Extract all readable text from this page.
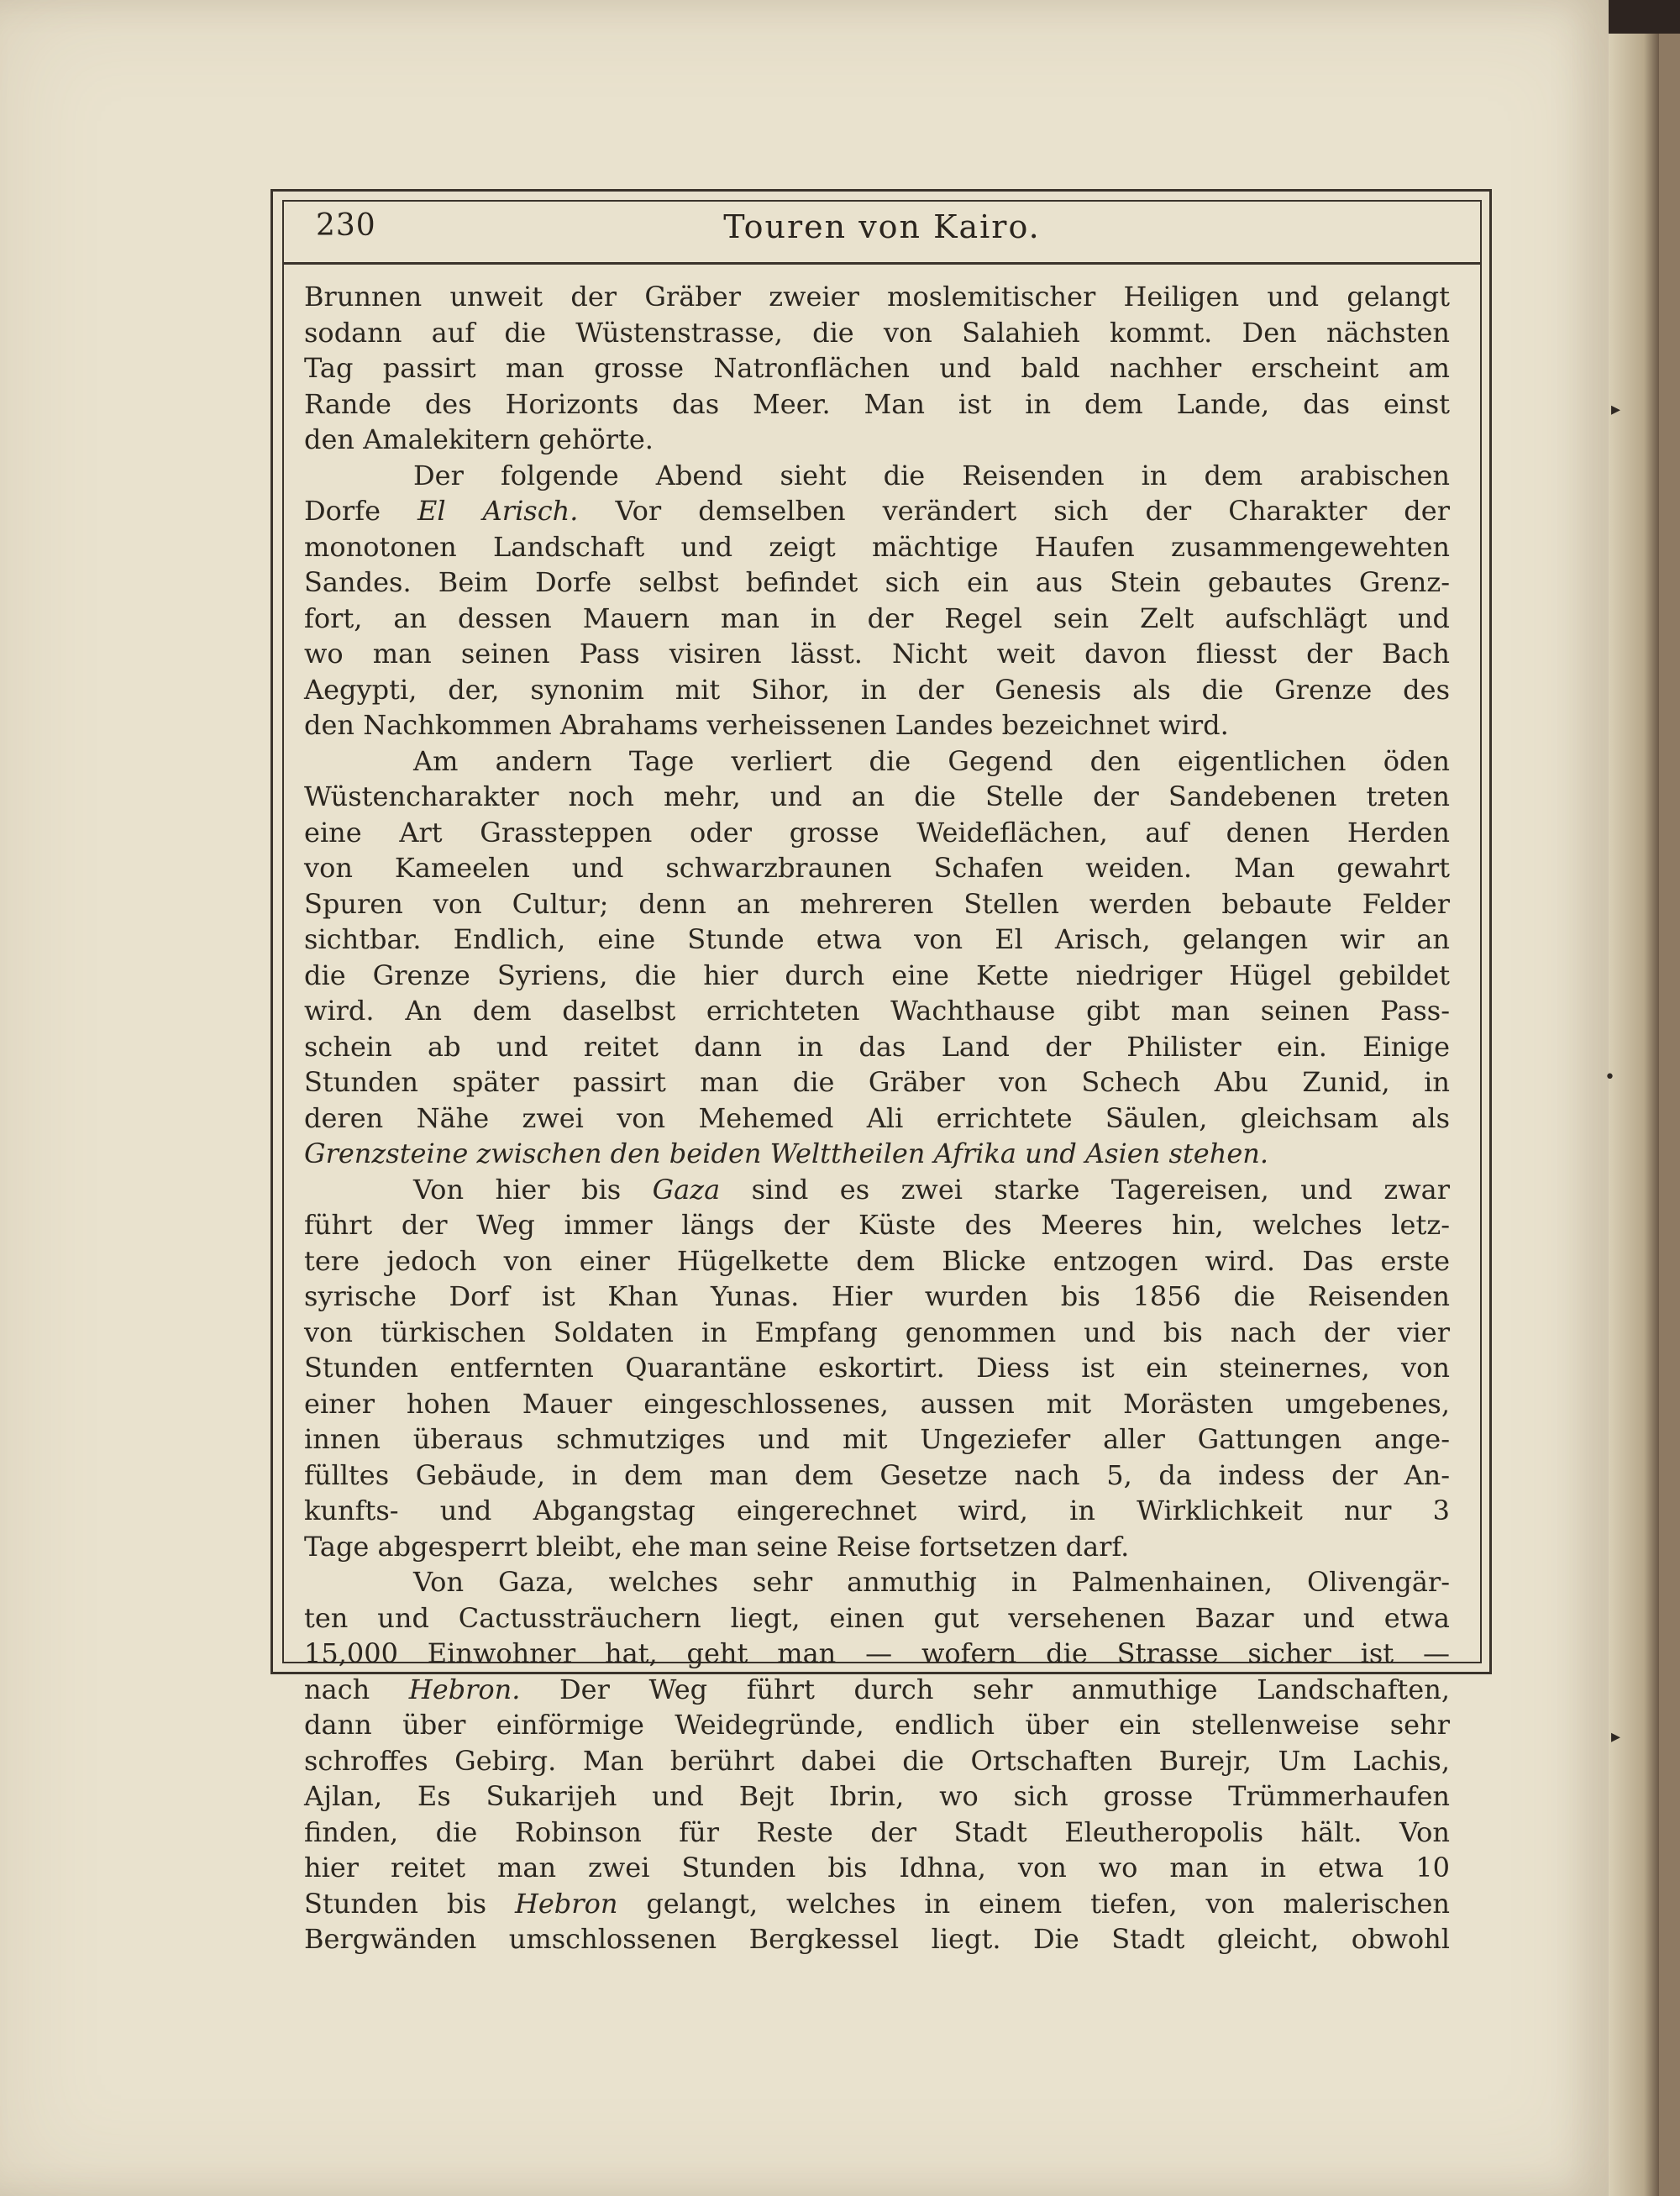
230	Touren von Kairo.

Brunnen unweit der Gräber zweier moslemitischer Heiligen und gelangt
sodann auf die Wüstenstrasse, die von Salahieh kommt. Den nächsten
Tag passirt man grosse Natronflächen und bald nachher erscheint am
Rande des Horizonts das Meer. Man ist in dem Lande, das einst

den Amalekitern gehörte.

Der folgende Abend sieht die Reisenden in dem arabischen
Dorfe El Arisch. Vor demselben verändert sich der Charakter der
monotonen Landschaft und zeigt mächtige Haufen zusammengewehten
Sandes. Beim Dorfe selbst befindet sich ein aus Stein gebautes Grenz-
fort, an dessen Mauern man in der Regel sein Zelt aufschlägt und
wo man seinen Pass visiren lässt. Nicht weit davon fliesst der Bach
Aegypti, der, synonim mit Sihor, in der Genesis als die Grenze des

den Nachkommen Abrahams verheissenen Landes bezeichnet wird.

Am andern Tage verliert die Gegend den eigentlichen öden
Wüstencharakter noch mehr, und an die Stelle der Sandebenen treten
eine Art Grassteppen oder grosse Weideflächen, auf denen Herden
von Kameelen und schwarzbraunen Schafen weiden. Man gewahrt
Spuren von Cultur; denn an mehreren Stellen werden bebaute Felder
sichtbar. Endlich, eine Stunde etwa von El Arisch, gelangen wir an
die Grenze Syriens, die hier durch eine Kette niedriger Hügel gebildet
wird. An dem daselbst errichteten Wachthause gibt man seinen Pass-
schein ab und reitet dann in das Land der Philister ein. Einige
Stunden später passirt man die Gräber von Schech Abu Zunid, in
deren Nähe zwei von Mehemed Ali errichtete Säulen, gleichsam als

Grenzsteine zwischen den beiden Welttheilen Afrika und Asien stehen.

Von hier bis Gaza sind es zwei starke Tagereisen, und zwar
führt der Weg immer längs der Küste des Meeres hin, welches letz-
tere jedoch von einer Hügelkette dem Blicke entzogen wird. Das erste
syrische Dorf ist Khan Yunas. Hier wurden bis 1856 die Reisenden
von türkischen Soldaten in Empfang genommen und bis nach der vier
Stunden entfernten Quarantäne eskortirt. Diess ist ein steinernes, von
einer hohen Mauer eingeschlossenes, aussen mit Morästen umgebenes,
innen überaus schmutziges und mit Ungeziefer aller Gattungen ange-
fülltes Gebäude, in dem man dem Gesetze nach 5, da indess der An-
kunfts- und Abgangstag eingerechnet wird, in Wirklichkeit nur 3

Tage abgesperrt bleibt, ehe man seine Reise fortsetzen darf.

Von Gaza, welches sehr anmuthig in Palmenhainen, Olivengär-
ten und Cactussträuchern liegt, einen gut versehenen Bazar und etwa
15,000 Einwohner hat, geht man — wofern die Strasse sicher ist —
nach Hebron. Der Weg führt durch sehr anmuthige Landschaften,
dann über einförmige Weidegründe, endlich über ein stellenweise sehr
schroffes Gebirg. Man berührt dabei die Ortschaften Burejr, Um Lachis,
Ajlan, Es Sukarijeh und Bejt Ibrin, wo sich grosse Trümmerhaufen
finden, die Robinson für Reste der Stadt Eleutheropolis hält. Von
hier reitet man zwei Stunden bis Idhna, von wo man in etwa 10
Stunden bis Hebron gelangt, welches in einem tiefen, von malerischen
Bergwänden umschlossenen Bergkessel liegt. Die Stadt gleicht, obwohl

▸
•
▸
